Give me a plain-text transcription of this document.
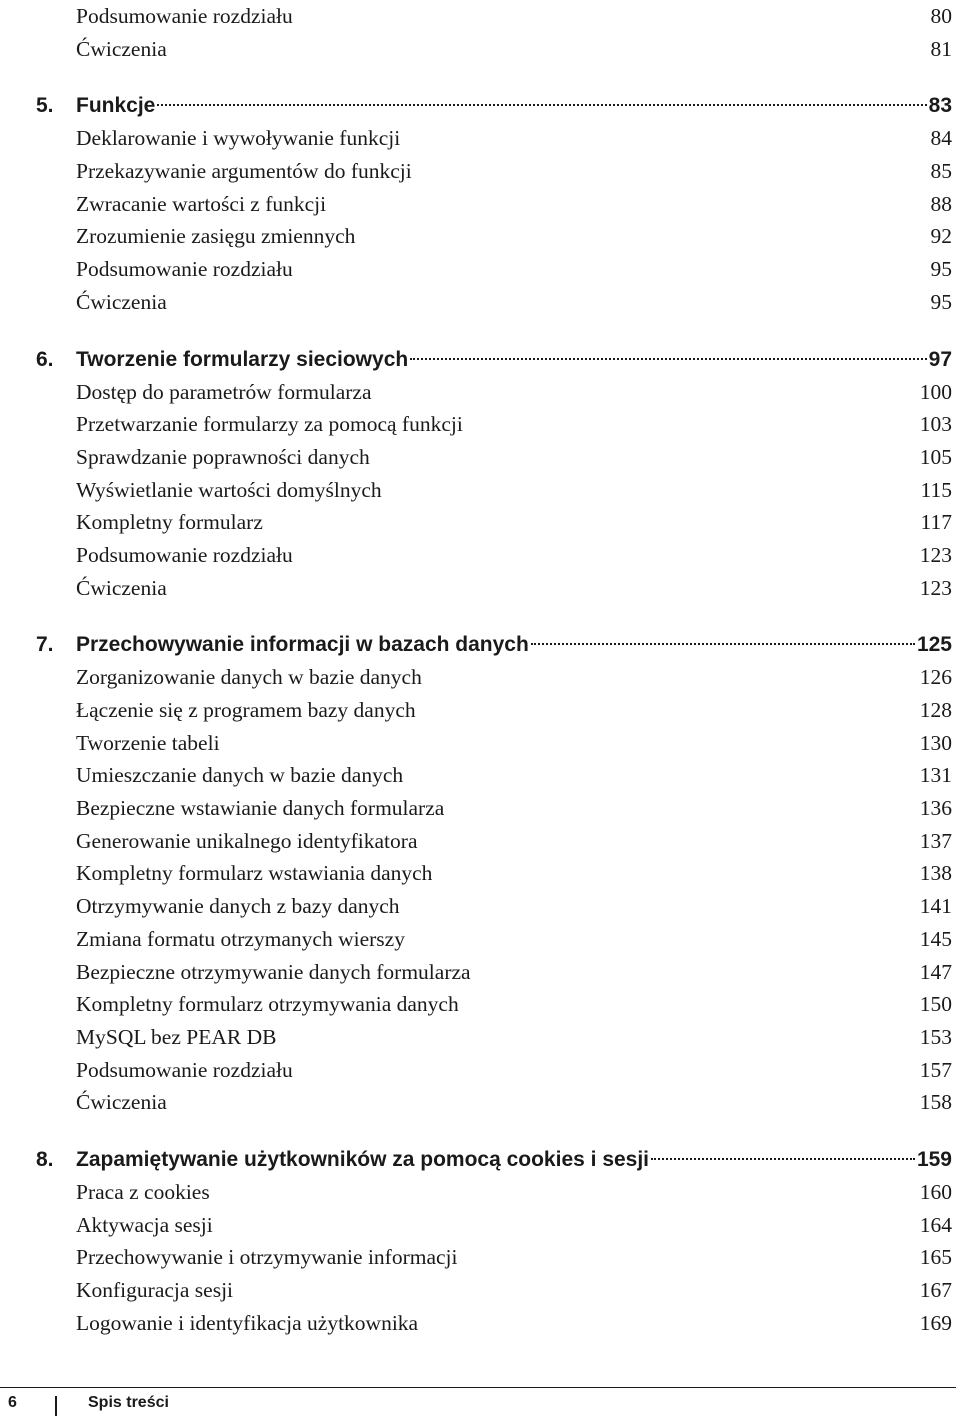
Podsumowanie rozdziału	80
Ćwiczenia	81
5.	Funkcje	83
Deklarowanie i wywoływanie funkcji	84
Przekazywanie argumentów do funkcji	85
Zwracanie wartości z funkcji	88
Zrozumienie zasięgu zmiennych	92
Podsumowanie rozdziału	95
Ćwiczenia	95
6.	Tworzenie formularzy sieciowych	97
Dostęp do parametrów formularza	100
Przetwarzanie formularzy za pomocą funkcji	103
Sprawdzanie poprawności danych	105
Wyświetlanie wartości domyślnych	115
Kompletny formularz	117
Podsumowanie rozdziału	123
Ćwiczenia	123
7.	Przechowywanie informacji w bazach danych	125
Zorganizowanie danych w bazie danych	126
Łączenie się z programem bazy danych	128
Tworzenie tabeli	130
Umieszczanie danych w bazie danych	131
Bezpieczne wstawianie danych formularza	136
Generowanie unikalnego identyfikatora	137
Kompletny formularz wstawiania danych	138
Otrzymywanie danych z bazy danych	141
Zmiana formatu otrzymanych wierszy	145
Bezpieczne otrzymywanie danych formularza	147
Kompletny formularz otrzymywania danych	150
MySQL bez PEAR DB	153
Podsumowanie rozdziału	157
Ćwiczenia	158
8.	Zapamiętywanie użytkowników za pomocą cookies i sesji	159
Praca z cookies	160
Aktywacja sesji	164
Przechowywanie i otrzymywanie informacji	165
Konfiguracja sesji	167
Logowanie i identyfikacja użytkownika	169
6	Spis treści
